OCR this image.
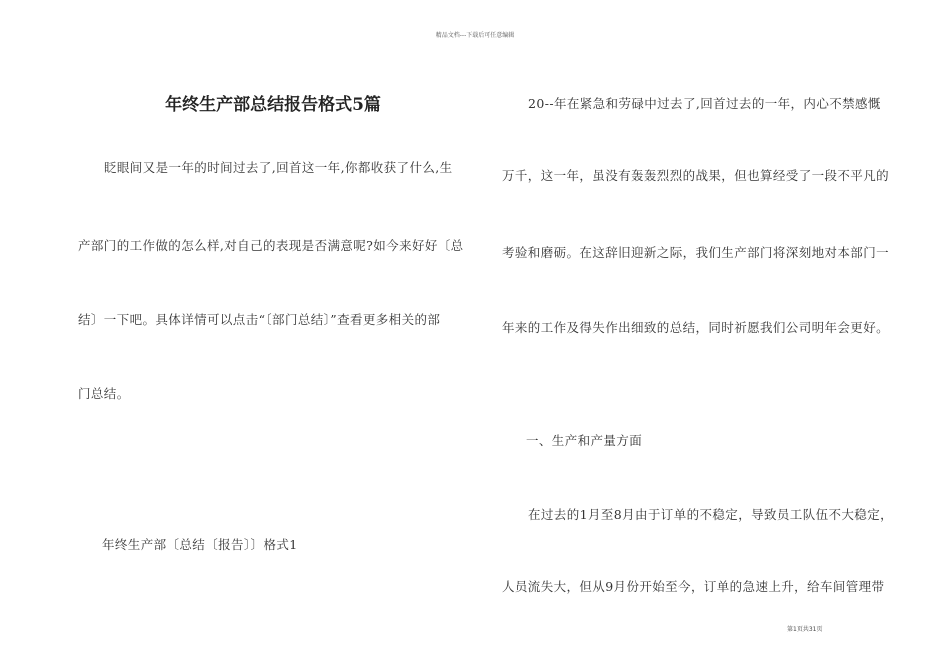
精品文档---下载后可任意编辑
年终生产部总结报告格式5篇
眨眼间又是一年的时间过去了,回首这一年,你都收获了什么,生
产部门的工作做的怎么样,对自己的表现是否满意呢?如今来好好〔总
结〕一下吧。具体详情可以点击“〔部门总结〕”查看更多相关的部
门总结。
年终生产部〔总结〔报告〕〕格式1
20--年在紧急和劳碌中过去了,回首过去的一年，内心不禁感慨
万千，这一年，虽没有轰轰烈烈的战果，但也算经受了一段不平凡的
考验和磨砺。在这辞旧迎新之际，我们生产部门将深刻地对本部门一
年来的工作及得失作出细致的总结，同时祈愿我们公司明年会更好。
一、生产和产量方面
在过去的1月至8月由于订单的不稳定，导致员工队伍不大稳定，
人员流失大，但从9月份开始至今，订单的急速上升，给车间管理带
第1页共31页
